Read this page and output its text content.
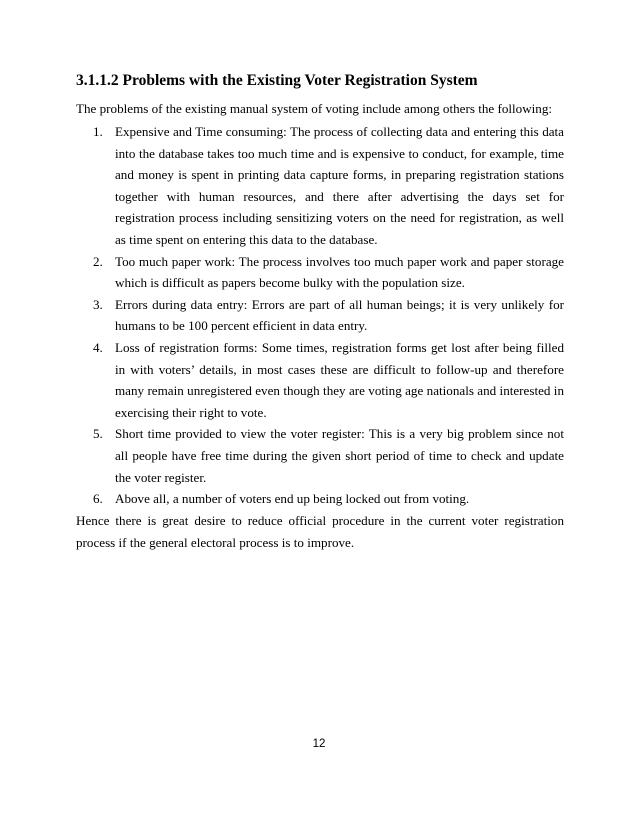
3.1.1.2 Problems with the Existing Voter Registration System
The problems of the existing manual system of voting include among others the following:
1. Expensive and Time consuming: The process of collecting data and entering this data into the database takes too much time and is expensive to conduct, for example, time and money is spent in printing data capture forms, in preparing registration stations together with human resources, and there after advertising the days set for registration process including sensitizing voters on the need for registration, as well as time spent on entering this data to the database.
2. Too much paper work: The process involves too much paper work and paper storage which is difficult as papers become bulky with the population size.
3. Errors during data entry: Errors are part of all human beings; it is very unlikely for humans to be 100 percent efficient in data entry.
4. Loss of registration forms: Some times, registration forms get lost after being filled in with voters’ details, in most cases these are difficult to follow-up and therefore many remain unregistered even though they are voting age nationals and interested in exercising their right to vote.
5. Short time provided to view the voter register: This is a very big problem since not all people have free time during the given short period of time to check and update the voter register.
6. Above all, a number of voters end up being locked out from voting.
Hence there is great desire to reduce official procedure in the current voter registration process if the general electoral process is to improve.
12
